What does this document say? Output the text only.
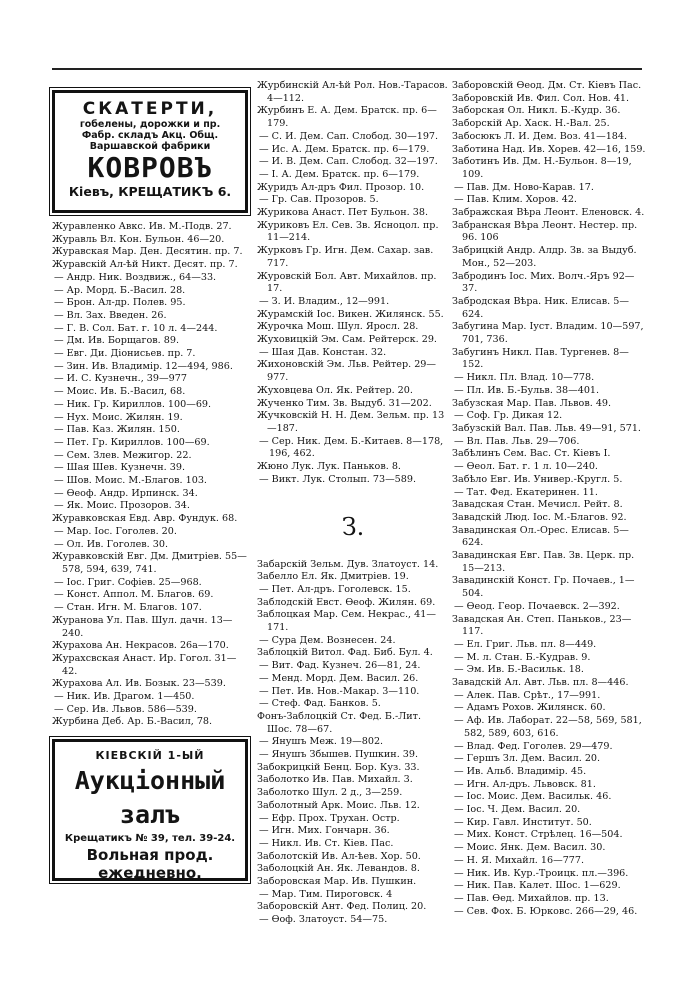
СКАТЕРТИ,
гобелены, дорожки и пр.
Фабр. складъ Акц. Общ. Варшавской фабрики
КОВРОВЪ
Кіевъ, КРЕЩАТИКЪ 6.
Журавленко Авкс. Ив. М.-Подв. 27.
Журавль Вл. Кон. Бульон. 46—20.
Журавская Мар. Ден. Десятин. пр. 7.
Журавскій Ал-ѣй Никт. Десят. пр. 7.
— Андр. Ник. Воздвиж., 64—33.
— Ар. Морд. Б.-Васил. 28.
— Брон. Ал-др. Полев. 95.
— Вл. Зах. Введен. 26.
— Г. В. Сол. Бат. г. 10 л. 4—244.
— Дм. Ив. Борщагов. 89.
— Евг. Ди. Діонисьев. пр. 7.
— Зин. Ив. Владимір. 12—494, 986.
— И. С. Кузнечн., 39—977
— Моис. Ив. Б.-Васил, 68.
— Ник. Гр. Кириллов. 100—69.
— Нух. Моис. Жилян. 19.
— Пав. Каз. Жилян. 150.
— Пет. Гр. Кириллов. 100—69.
— Сем. Злев. Межигор. 22.
— Шая Шев. Кузнечн. 39.
— Шов. Моис. М.-Благов. 103.
— Өеоф. Андр. Ирпинск. 34.
— Як. Моис. Прозоров. 34.
Журавковская Евд. Авр. Фундук. 68.
— Мар. Іос. Гоголев. 20.
— Ол. Ив. Гоголев. 30.
Журавковскій Евг. Дм. Дмитріев. 55—578, 594, 639, 741.
— Іос. Григ. Софіев. 25—968.
— Конст. Аппол. М. Благов. 69.
— Стан. Игн. М. Благов. 107.
Журанова Ул. Пав. Шул. дачн. 13—240.
Журахова Ан. Некрасов. 26а—170.
Журахсвская Анаст. Ир. Гогол. 31—42.
Журахова Ал. Ив. Бозык. 23—539.
— Ник. Ив. Драгом. 1—450.
— Сер. Ив. Львов. 586—539.
Журбина Деб. Ар. Б.-Васил, 78.
КІЕВСКІЙ 1-ЫЙ
Аукціонный залъ
Крещатикъ № 39, тел. 39-24.
Вольная прод. ежедневно.
Журбинскій Ал-ѣй Рол. Нов.-Тарасов. 4—112.
Журбинъ Е. А. Дем. Братск. пр. 6—179.
— С. И. Дем. Сап. Слобод. 30—197.
— Ис. А. Дем. Братск. пр. 6—179.
— И. В. Дем. Сап. Слобод. 32—197.
— І. А. Дем. Братск. пр. 6—179.
Журидъ Ал-дръ Фил. Прозор. 10.
— Гр. Сав. Прозоров. 5.
Журикова Анаст. Пет Бульон. 38.
Журиковъ Ел. Сев. Зв. Ясноцол. пр. 11—214.
Журковъ Гр. Игн. Дем. Сахар. зав. 717.
Журовскій Бол. Авт. Михайлов. пр. 17.
— З. И. Владим., 12—991.
Журамскій Іос. Викен. Жилянск. 55.
Журочка Мош. Шул. Яросл. 28.
Жуховицкій Эм. Сам. Рейтерск. 29.
— Шая Дав. Констан. 32.
Жихоновскій Эм. Льв. Рейтер. 29—977.
Жуховцева Ол. Як. Рейтер. 20.
Жученко Тим. Зв. Выдуб. 31—202.
Жучковскій Н. Н. Дем. Зельм. пр. 13—187.
— Сер. Ник. Дем. Б.-Китаев. 8—178, 196, 462.
Жюно Лук. Лук. Паньков. 8.
— Викт. Лук. Столып. 73—589.
З.
Забарскій Зельм. Дув. Златоуст. 14.
Забелло Ел. Як. Дмитріев. 19.
— Пет. Ал-дръ. Гоголевск. 15.
Заблодскій Евст. Өеоф. Жилян. 69.
Заблоцкая Мар. Сем. Некрас., 41—171.
— Сура Дем. Вознесен. 24.
Заблоцкій Витол. Фад. Биб. Бул. 4.
— Вит. Фад. Кузнеч. 26—81, 24.
— Менд. Морд. Дем. Васил. 26.
— Пет. Ив. Нов.-Макар. 3—110.
— Стеф. Фад. Банков. 5.
Фонъ-Заблоцкій Ст. Фед. Б.-Лит. Шос. 78—67.
— Янушъ Меж. 19—802.
— Янушъ Збышев. Пушкин. 39.
Забокрицкій Бенц. Бор. Куз. 33.
Заболотко Ив. Пав. Михайл. 3.
Заболотко Шул. 2 д., 3—259.
Заболотный Арк. Моис. Льв. 12.
— Ефр. Прох. Трухан. Остр.
— Игн. Мих. Гончарн. 36.
— Никл. Ив. Ст. Кіев. Пас.
Заболотскій Ив. Ал-ѣев. Хор. 50.
Заболоцкій Ан. Як. Левандов. 8.
Заборовская Мар. Ив. Пушкин.
— Мар. Тим. Пироговск. 4
Заборовскій Ант. Фед. Полиц. 20.
— Өоф. Златоуст. 54—75.
Заборовскій Өеод. Дм. Ст. Кіевъ Пас.
Заборовскій Ив. Фил. Сол. Нов. 41.
Заборская Ол. Никл. Б.-Кудр. 36.
Заборскій Ар. Хаск. Н.-Вал. 25.
Забосюкъ Л. И. Дем. Воз. 41—184.
Заботина Над. Ив. Хорев. 42—16, 159.
Заботинъ Ив. Дм. Н.-Бульон. 8—19, 109.
— Пав. Дм. Ново-Карав. 17.
— Пав. Клим. Хоров. 42.
Забражская Вѣра Леонт. Еленовск. 4.
Забранская Вѣра Леонт. Нестер. пр. 96. 106
Забрицкій Андр. Алдр. Зв. за Выдуб. Мон., 52—203.
Забродинъ Іос. Мих. Волч.-Яръ 92—37.
Забродская Вѣра. Ник. Елисав. 5—624.
Забугина Мар. Іуст. Владим. 10—597, 701, 736.
Забугинъ Никл. Пав. Тургенев. 8—152.
— Никл. Пл. Влад. 10—778.
— Пл. Ив. Б.-Бульв. 38—401.
Забузская Мар. Пав. Львов. 49.
— Соф. Гр. Дикая 12.
Забузскій Вал. Пав. Льв. 49—91, 571.
— Вл. Пав. Льв. 29—706.
Забѣлинъ Сем. Вас. Ст. Кіевъ I.
— Өеол. Бат. г. 1 л. 10—240.
Забѣло Евг. Ив. Универ.-Кругл. 5.
— Тат. Фед. Екатеринен. 11.
Завадская Стан. Мечисл. Рейт. 8.
Завадскій Люд. Іос. М.-Благов. 92.
Завадинская Ол.-Орес. Елисав. 5—624.
Завадинская Евг. Пав. Зв. Церк. пр. 15—213.
Завадинскій Конст. Гр. Почаев., 1—504.
— Өеод. Геор. Почаевск. 2—392.
Завадская Ан. Степ. Паньков., 23—117.
— Ел. Григ. Льв. пл. 8—449.
— М. л. Стан. Б.-Кудрав. 9.
— Эм. Ив. Б.-Васильк. 18.
Завадскій Ал. Авт. Льв. пл. 8—446.
— Алек. Пав. Срѣт., 17—991.
— Адамъ Рохов. Жилянск. 60.
— Аф. Ив. Лаборат. 22—58, 569, 581, 582, 589, 603, 616.
— Влад. Фед. Гоголев. 29—479.
— Гершъ Зл. Дем. Васил. 20.
— Ив. Альб. Владимір. 45.
— Игн. Ал-дръ. Львовск. 81.
— Іос. Моис. Дем. Васильк. 46.
— Іос. Ч. Дем. Васил. 20.
— Кир. Гавл. Институт. 50.
— Мих. Конст. Стрѣлец. 16—504.
— Моис. Янк. Дем. Васил. 30.
— Н. Я. Михайл. 16—777.
— Ник. Ив. Кур.-Троицк. пл.—396.
— Ник. Пав. Калет. Шос. 1—629.
— Пав. Өед. Михайлов. пр. 13.
— Сев. Фох. Б. Юрковс. 266—29, 46.
